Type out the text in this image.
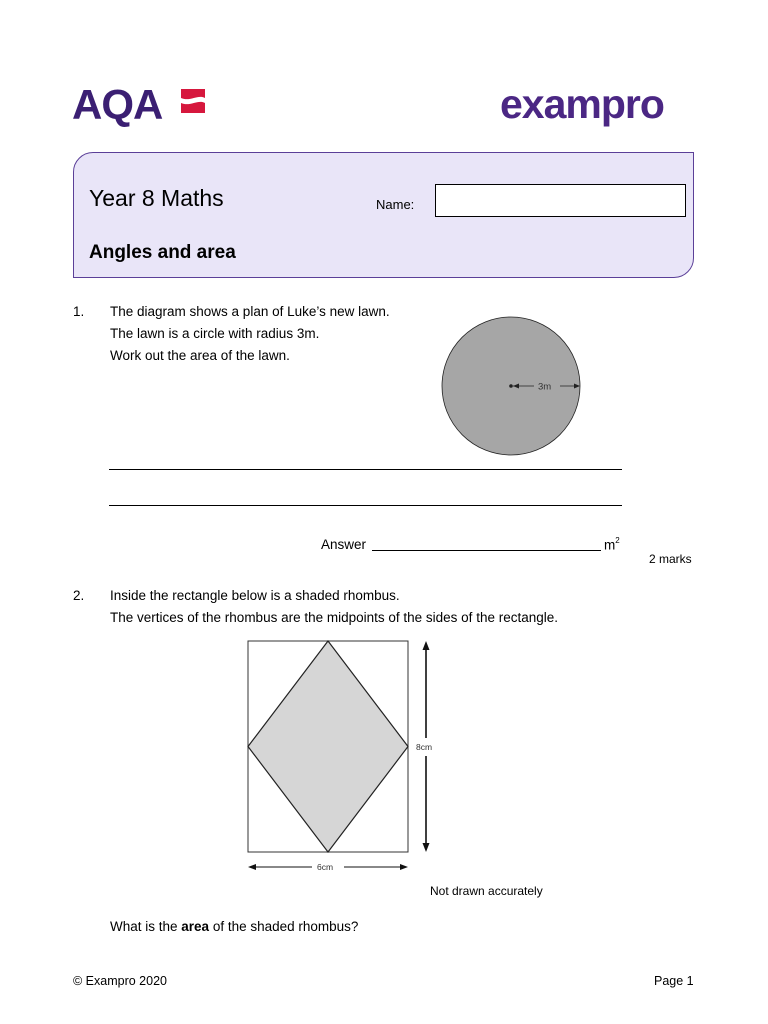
AQA	exampro
Year 8 Maths	Name:
Angles and area
1. The diagram shows a plan of Luke’s new lawn.
The lawn is a circle with radius 3m.
Work out the area of the lawn.
3m
Answer	$m^2$
2 marks
2. Inside the rectangle below is a shaded rhombus.
The vertices of the rhombus are the midpoints of the sides of the rectangle.
8cm
6cm
Not drawn accurately
What is the area of the shaded rhombus?
© Exampro 2020	Page 1
